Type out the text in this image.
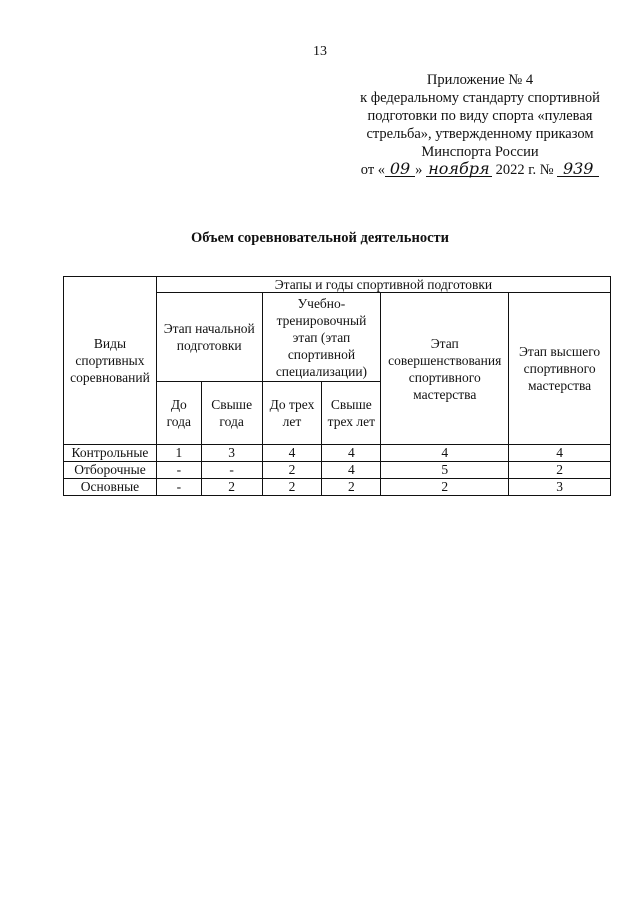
13
Приложение № 4
к федеральному стандарту спортивной
подготовки по виду спорта «пулевая
стрельба», утвержденному приказом
Минспорта России
от « 09 » ноября 2022 г. № 939
Объем соревновательной деятельности
Виды спортивных соревнований	Этапы и годы спортивной подготовки					
	Этап начальной подготовки		Учебно-тренировочный этап (этап спортивной специализации)		Этап совершенствования спортивного мастерства	Этап высшего спортивного мастерства
	До года	Свыше года	До трех лет	Свыше трех лет		
Контрольные	1	3	4	4	4	4
Отборочные	-	-	2	4	5	2
Основные	-	2	2	2	2	3
